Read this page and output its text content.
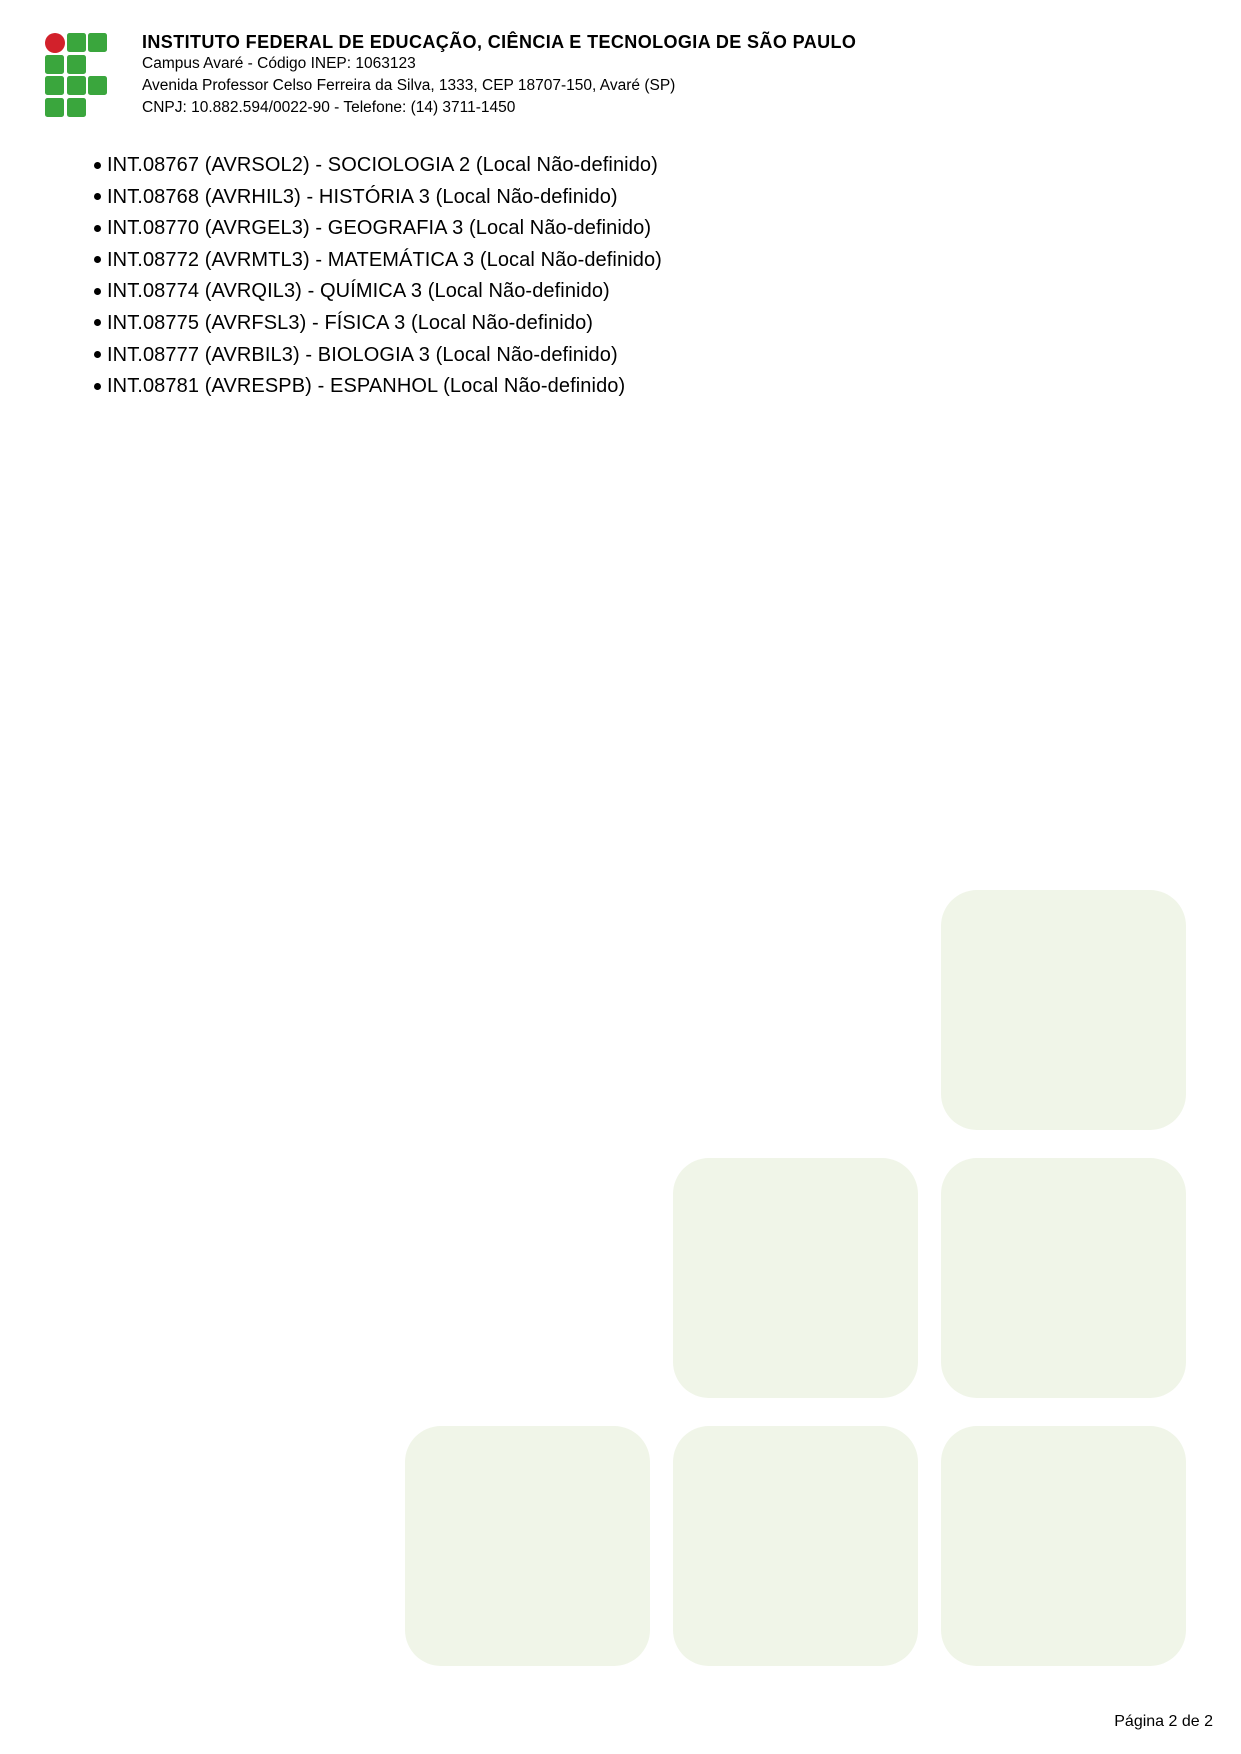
INSTITUTO FEDERAL DE EDUCAÇÃO, CIÊNCIA E TECNOLOGIA DE SÃO PAULO
Campus Avaré - Código INEP: 1063123
Avenida Professor Celso Ferreira da Silva, 1333, CEP 18707-150, Avaré (SP)
CNPJ: 10.882.594/0022-90 - Telefone: (14) 3711-1450
INT.08767 (AVRSOL2) - SOCIOLOGIA 2 (Local Não-definido)
INT.08768 (AVRHIL3) - HISTÓRIA 3 (Local Não-definido)
INT.08770 (AVRGEL3) - GEOGRAFIA 3 (Local Não-definido)
INT.08772 (AVRMTL3) - MATEMÁTICA 3 (Local Não-definido)
INT.08774 (AVRQIL3) - QUÍMICA 3 (Local Não-definido)
INT.08775 (AVRFSL3) - FÍSICA 3 (Local Não-definido)
INT.08777 (AVRBIL3) - BIOLOGIA 3 (Local Não-definido)
INT.08781 (AVRESPB) - ESPANHOL (Local Não-definido)
Página 2 de 2
